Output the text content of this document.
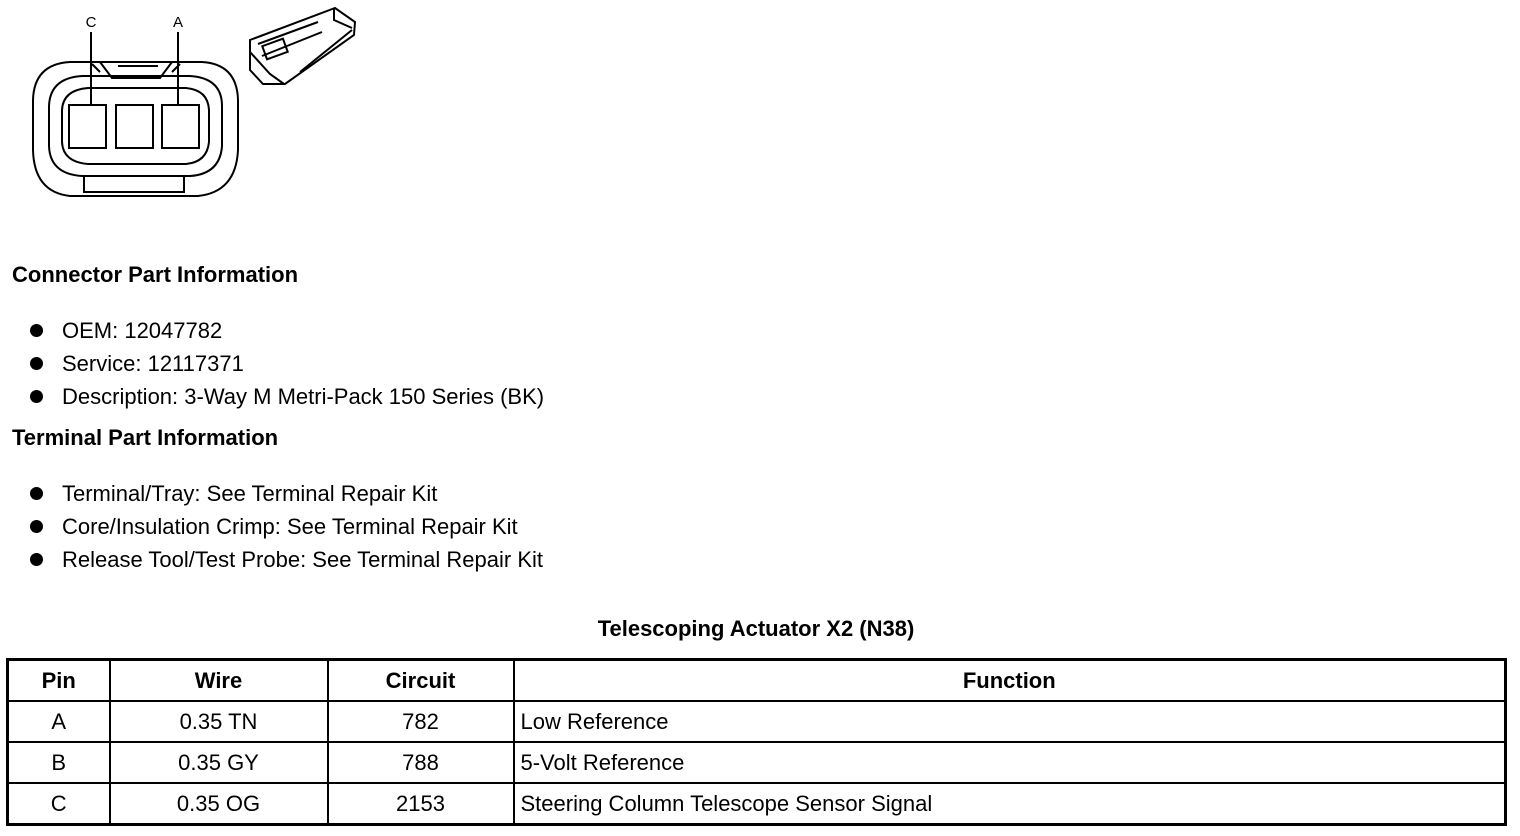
C	A
Connector Part Information
OEM: 12047782
Service: 12117371
Description: 3-Way M Metri-Pack 150 Series (BK)
Terminal Part Information
Terminal/Tray: See Terminal Repair Kit
Core/Insulation Crimp: See Terminal Repair Kit
Release Tool/Test Probe: See Terminal Repair Kit
Telescoping Actuator X2 (N38)
Pin	Wire	Circuit	Function
A	0.35 TN	782	Low Reference
B	0.35 GY	788	5-Volt Reference
C	0.35 OG	2153	Steering Column Telescope Sensor Signal
